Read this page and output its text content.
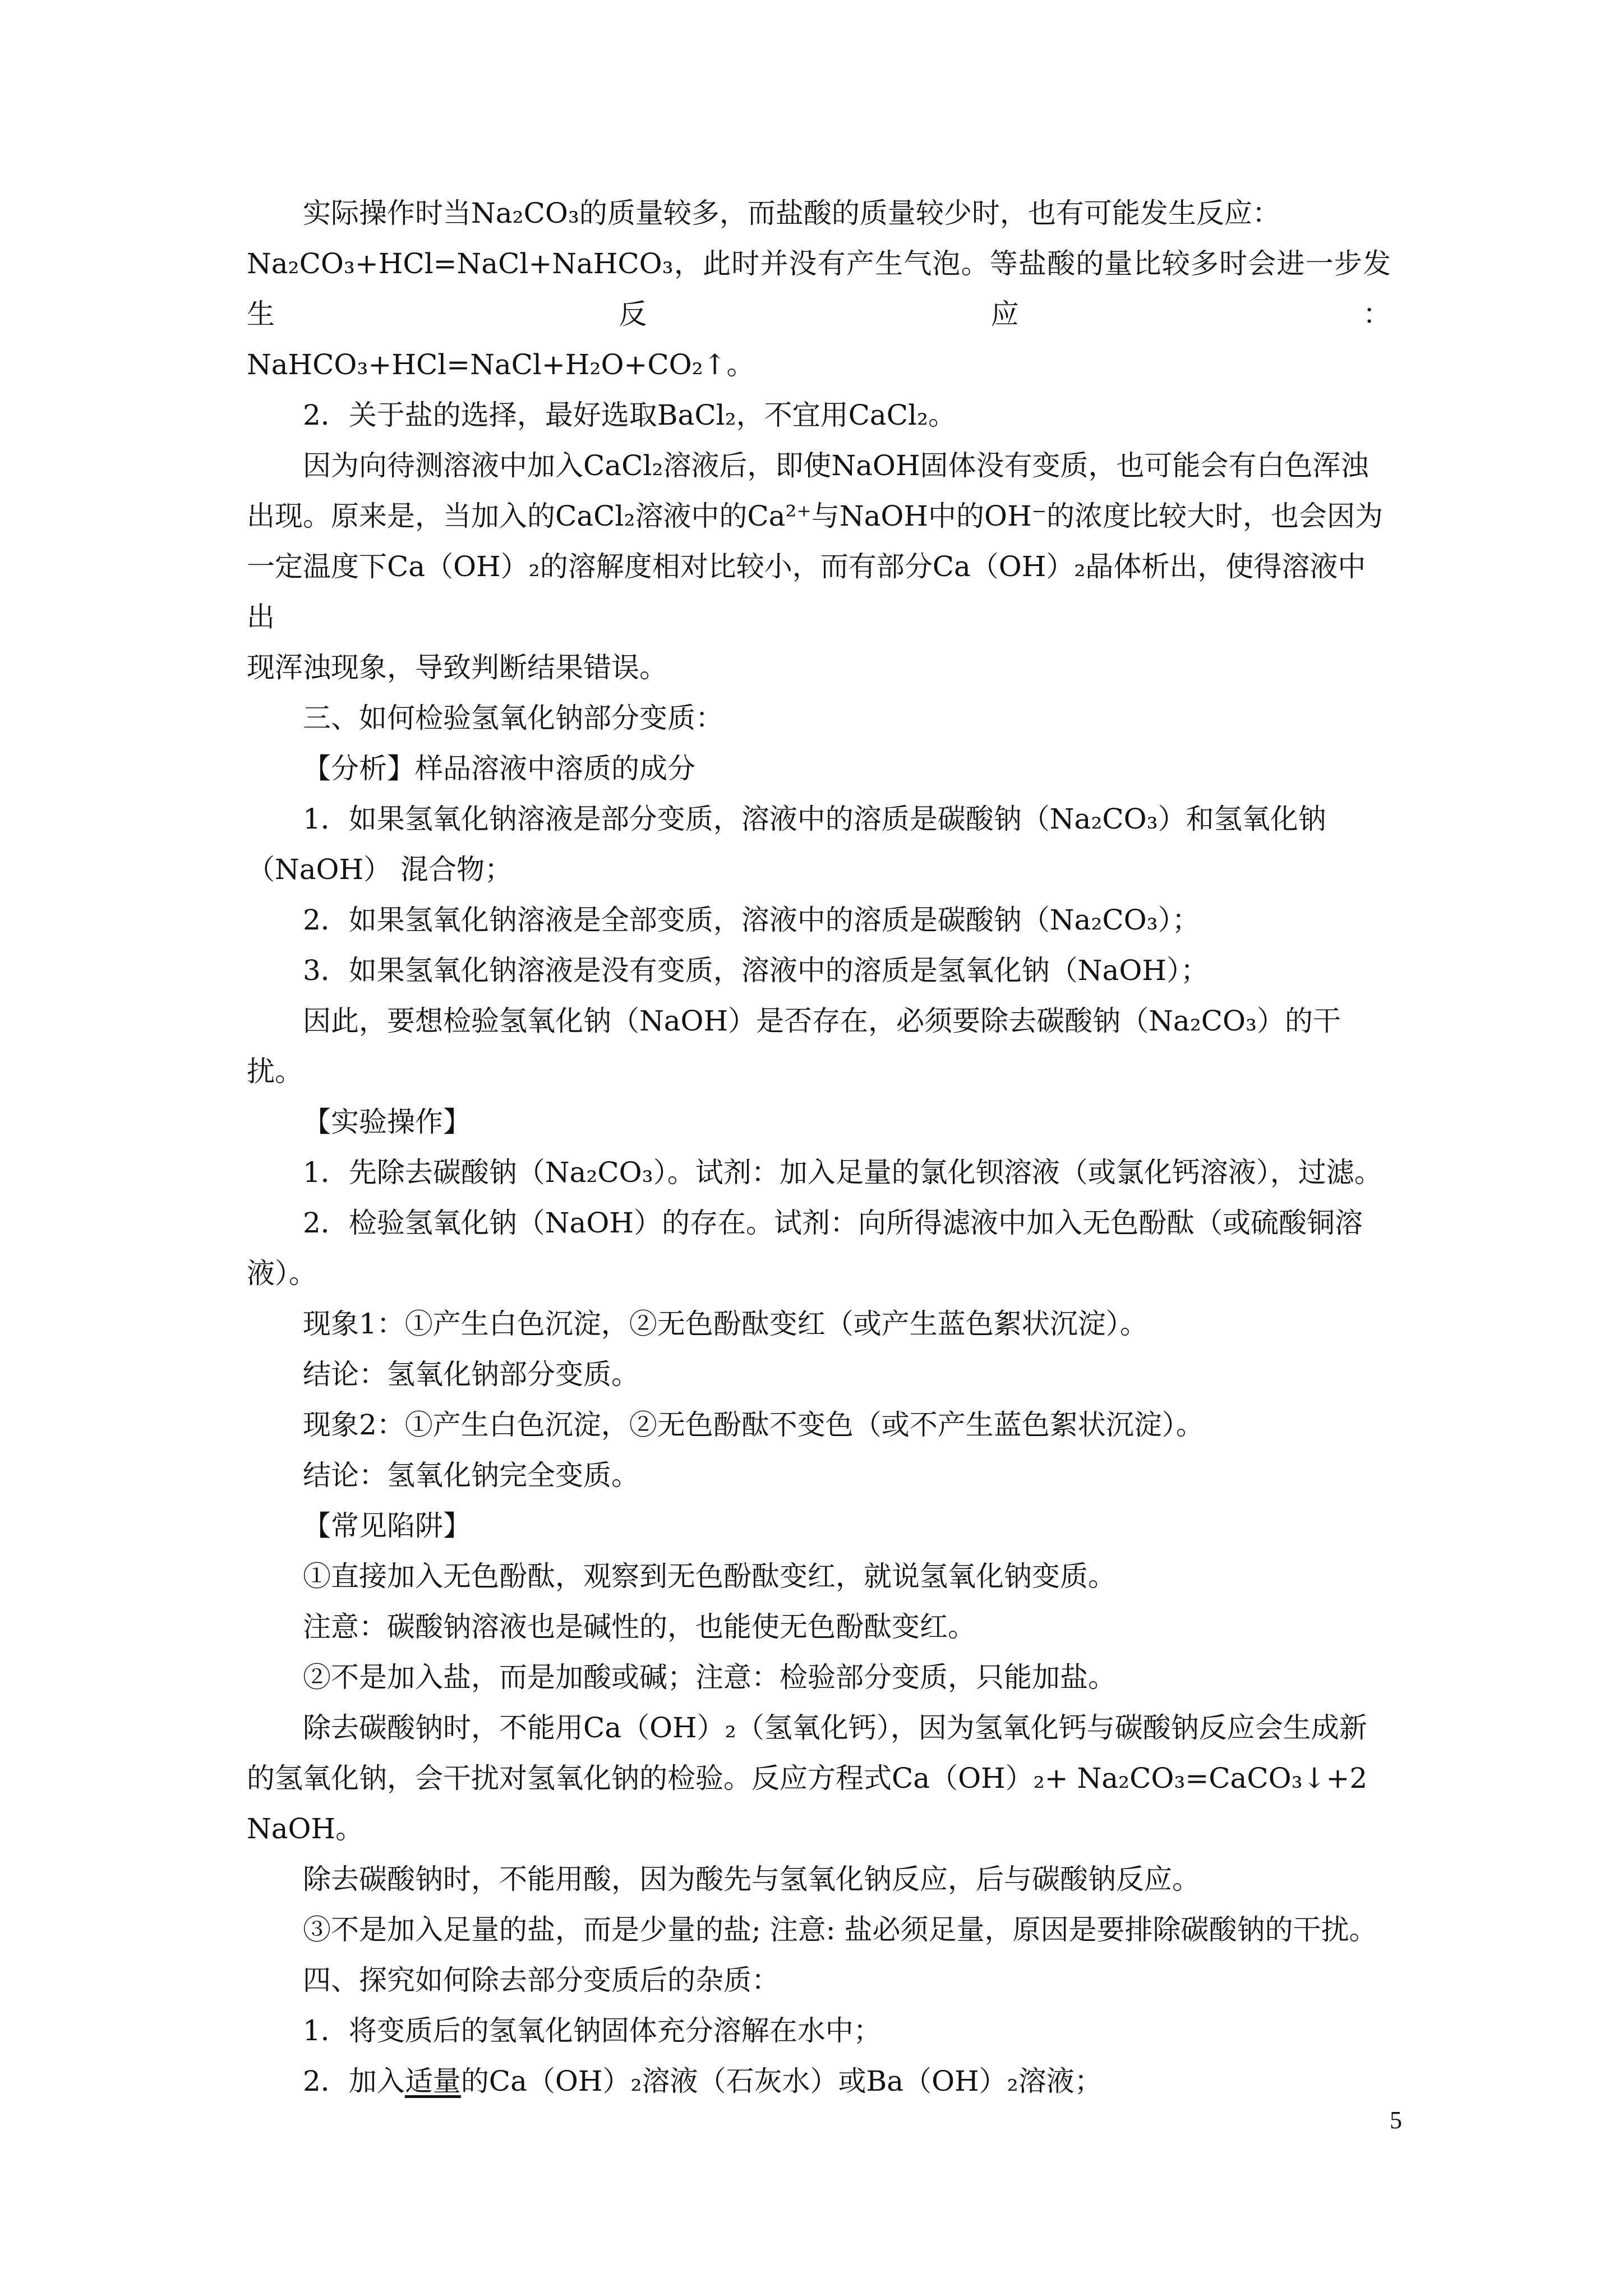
实际操作时当Na₂CO₃的质量较多，而盐酸的质量较少时，也有可能发生反应：

Na₂CO₃+HCl=NaCl+NaHCO₃，此时并没有产生气泡。等盐酸的量比较多时会进一步发生反应：

NaHCO₃+HCl=NaCl+H₂O+CO₂↑。

2．关于盐的选择，最好选取BaCl₂，不宜用CaCl₂。

因为向待测溶液中加入CaCl₂溶液后，即使NaOH固体没有变质，也可能会有白色浑浊

出现。原来是，当加入的CaCl₂溶液中的Ca²⁺与NaOH中的OH⁻的浓度比较大时，也会因为

一定温度下Ca（OH）₂的溶解度相对比较小，而有部分Ca（OH）₂晶体析出，使得溶液中出

现浑浊现象，导致判断结果错误。

三、如何检验氢氧化钠部分变质：

【分析】样品溶液中溶质的成分

1．如果氢氧化钠溶液是部分变质，溶液中的溶质是碳酸钠（Na₂CO₃）和氢氧化钠

（NaOH） 混合物；

2．如果氢氧化钠溶液是全部变质，溶液中的溶质是碳酸钠（Na₂CO₃）；

3．如果氢氧化钠溶液是没有变质，溶液中的溶质是氢氧化钠（NaOH）；

因此，要想检验氢氧化钠（NaOH）是否存在，必须要除去碳酸钠（Na₂CO₃）的干扰。

【实验操作】

1．先除去碳酸钠（Na₂CO₃）。试剂：加入足量的氯化钡溶液（或氯化钙溶液），过滤。

2．检验氢氧化钠（NaOH）的存在。试剂：向所得滤液中加入无色酚酞（或硫酸铜溶

液）。

现象1：①产生白色沉淀，②无色酚酞变红（或产生蓝色絮状沉淀）。

结论：氢氧化钠部分变质。

现象2：①产生白色沉淀，②无色酚酞不变色（或不产生蓝色絮状沉淀）。

结论：氢氧化钠完全变质。

【常见陷阱】

①直接加入无色酚酞，观察到无色酚酞变红，就说氢氧化钠变质。

注意：碳酸钠溶液也是碱性的，也能使无色酚酞变红。

②不是加入盐，而是加酸或碱；注意：检验部分变质，只能加盐。

除去碳酸钠时，不能用Ca（OH）₂（氢氧化钙），因为氢氧化钙与碳酸钠反应会生成新

的氢氧化钠，会干扰对氢氧化钠的检验。反应方程式Ca（OH）₂+ Na₂CO₃=CaCO₃↓+2NaOH。

除去碳酸钠时，不能用酸，因为酸先与氢氧化钠反应，后与碳酸钠反应。

③不是加入足量的盐，而是少量的盐; 注意: 盐必须足量，原因是要排除碳酸钠的干扰。

四、探究如何除去部分变质后的杂质：

1．将变质后的氢氧化钠固体充分溶解在水中；

2．加入适量的Ca（OH）₂溶液（石灰水）或Ba（OH）₂溶液；

5
